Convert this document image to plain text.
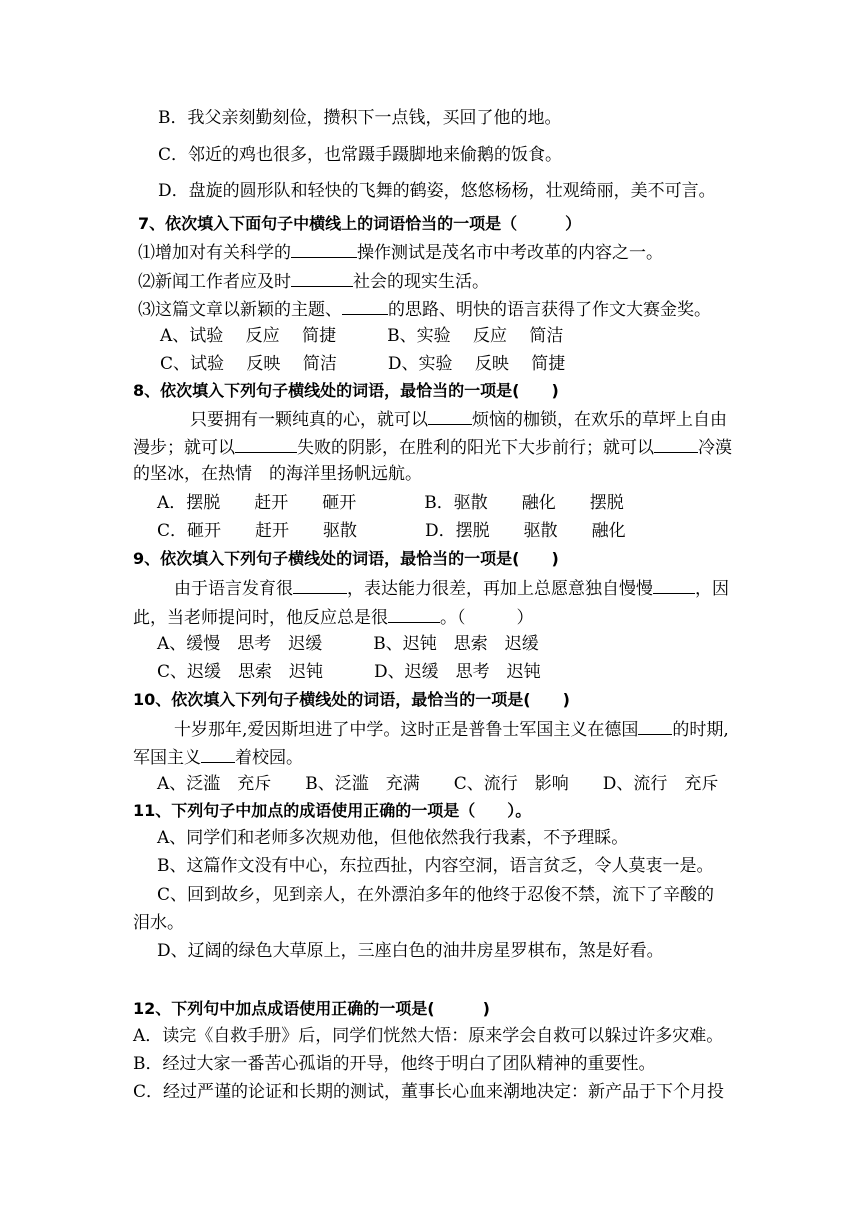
B．我父亲刻勤刻俭，攒积下一点钱，买回了他的地。
C．邻近的鸡也很多，也常蹑手蹑脚地来偷鹅的饭食。
D．盘旋的圆形队和轻快的飞舞的鹤姿，悠悠杨杨，壮观绮丽，美不可言。
7、依次填入下面句子中横线上的词语恰当的一项是（　　　）
⑴增加对有关科学的	操作测试是茂名市中考改革的内容之一。
⑵新闻工作者应及时	社会的现实生活。
⑶这篇文章以新颖的主题、	的思路、明快的语言获得了作文大赛金奖。
A、试验　 反应　 简捷　　　B、实验　 反应　 简洁
C、试验　 反映　 简洁　　　D、实验　 反映　 简捷
8、依次填入下列句子横线处的词语，最恰当的一项是(　　)
只要拥有一颗纯真的心，就可以	烦恼的枷锁，在欢乐的草坪上自由
漫步；就可以	失败的阴影，在胜利的阳光下大步前行；就可以	冷漠
的坚冰，在热情　的海洋里扬帆远航。
A．摆脱　　赶开　　砸开　　　　B．驱散　　融化　　摆脱
C．砸开　　赶开　　驱散　　　　D．摆脱　　驱散　　融化
9、依次填入下列句子横线处的词语，最恰当的一项是(　　)
由于语言发育很	，表达能力很差，再加上总愿意独自慢慢 ，因
此，当老师提问时，他反应总是很	。（　　　）
A、缓慢　思考　迟缓　　　B、迟钝　思索　迟缓
C、迟缓　思索　迟钝　　　D、迟缓　思考　迟钝
10、依次填入下列句子横线处的词语，最恰当的一项是(　　)
十岁那年,爱因斯坦进了中学。这时正是普鲁士军国主义在德国 的时期,
军国主义 着校园。
A、泛滥　充斥　　B、泛滥　充满　　C、流行　影响　　D、流行　充斥
11、下列句子中加点的成语使用正确的一项是（　　）。
A、同学们和老师多次规劝他，但他依然我行我素，不予理睬。
B、这篇作文没有中心，东拉西扯，内容空洞，语言贫乏，令人莫衷一是。
C、回到故乡，见到亲人，在外漂泊多年的他终于忍俊不禁，流下了辛酸的
泪水。
D、辽阔的绿色大草原上，三座白色的油井房星罗棋布，煞是好看。
12、下列句中加点成语使用正确的一项是(　　　)
A．读完《自救手册》后，同学们恍然大悟：原来学会自救可以躲过许多灾难。
B．经过大家一番苦心孤诣的开导，他终于明白了团队精神的重要性。
C．经过严谨的论证和长期的测试，董事长心血来潮地决定：新产品于下个月投
